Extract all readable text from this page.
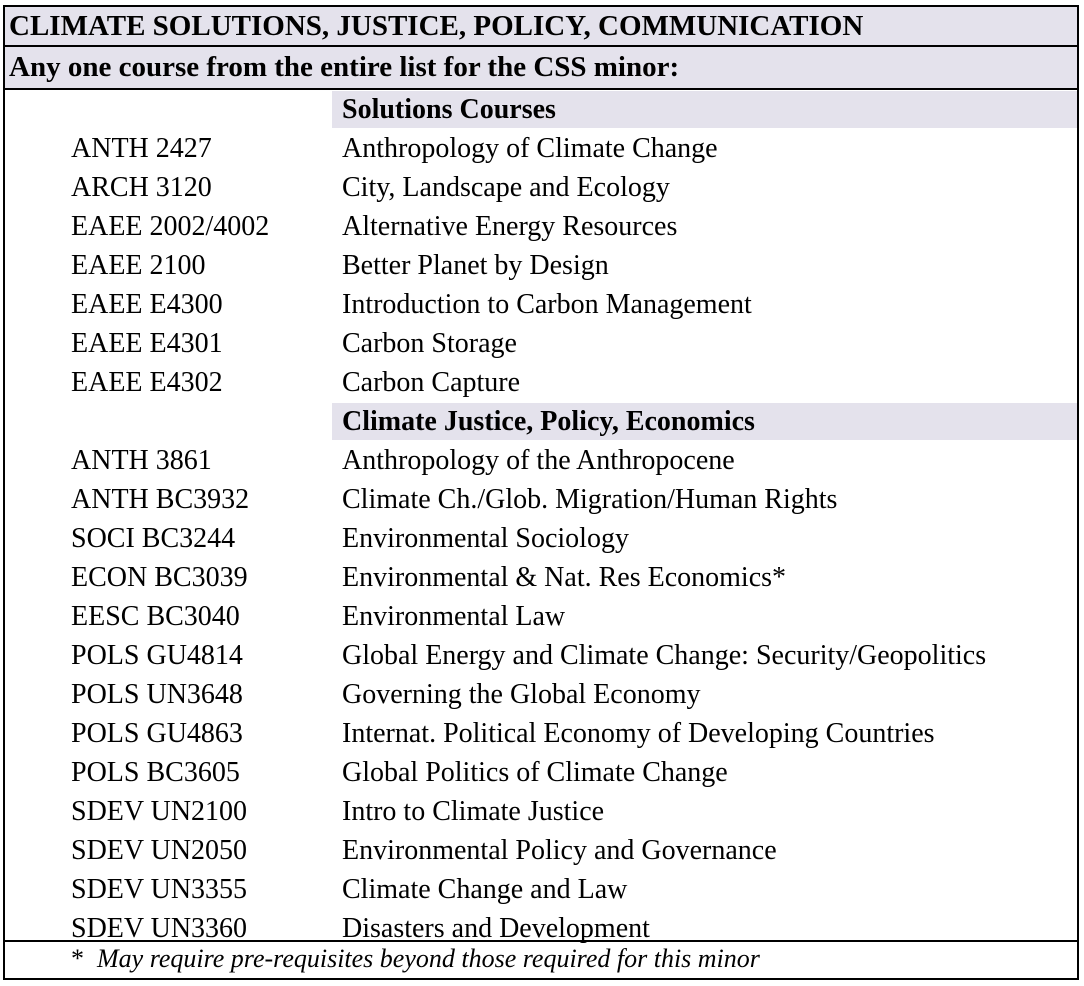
CLIMATE SOLUTIONS, JUSTICE, POLICY, COMMUNICATION
Any one course from the entire list for the CSS minor:
Solutions Courses
ANTH 2427	Anthropology of Climate Change
ARCH 3120	City, Landscape and Ecology
EAEE 2002/4002	Alternative Energy Resources
EAEE 2100	Better Planet by Design
EAEE E4300	Introduction to Carbon Management
EAEE E4301	Carbon Storage
EAEE E4302	Carbon Capture
Climate Justice, Policy, Economics
ANTH 3861	Anthropology of the Anthropocene
ANTH BC3932	Climate Ch./Glob. Migration/Human Rights
SOCI BC3244	Environmental Sociology
ECON BC3039	Environmental & Nat. Res Economics*
EESC BC3040	Environmental Law
POLS GU4814	Global Energy and Climate Change: Security/Geopolitics
POLS UN3648	Governing the Global Economy
POLS GU4863	Internat. Political Economy of Developing Countries
POLS BC3605	Global Politics of Climate Change
SDEV UN2100	Intro to Climate Justice
SDEV UN2050	Environmental Policy and Governance
SDEV UN3355	Climate Change and Law
SDEV UN3360	Disasters and Development
* May require pre-requisites beyond those required for this minor
